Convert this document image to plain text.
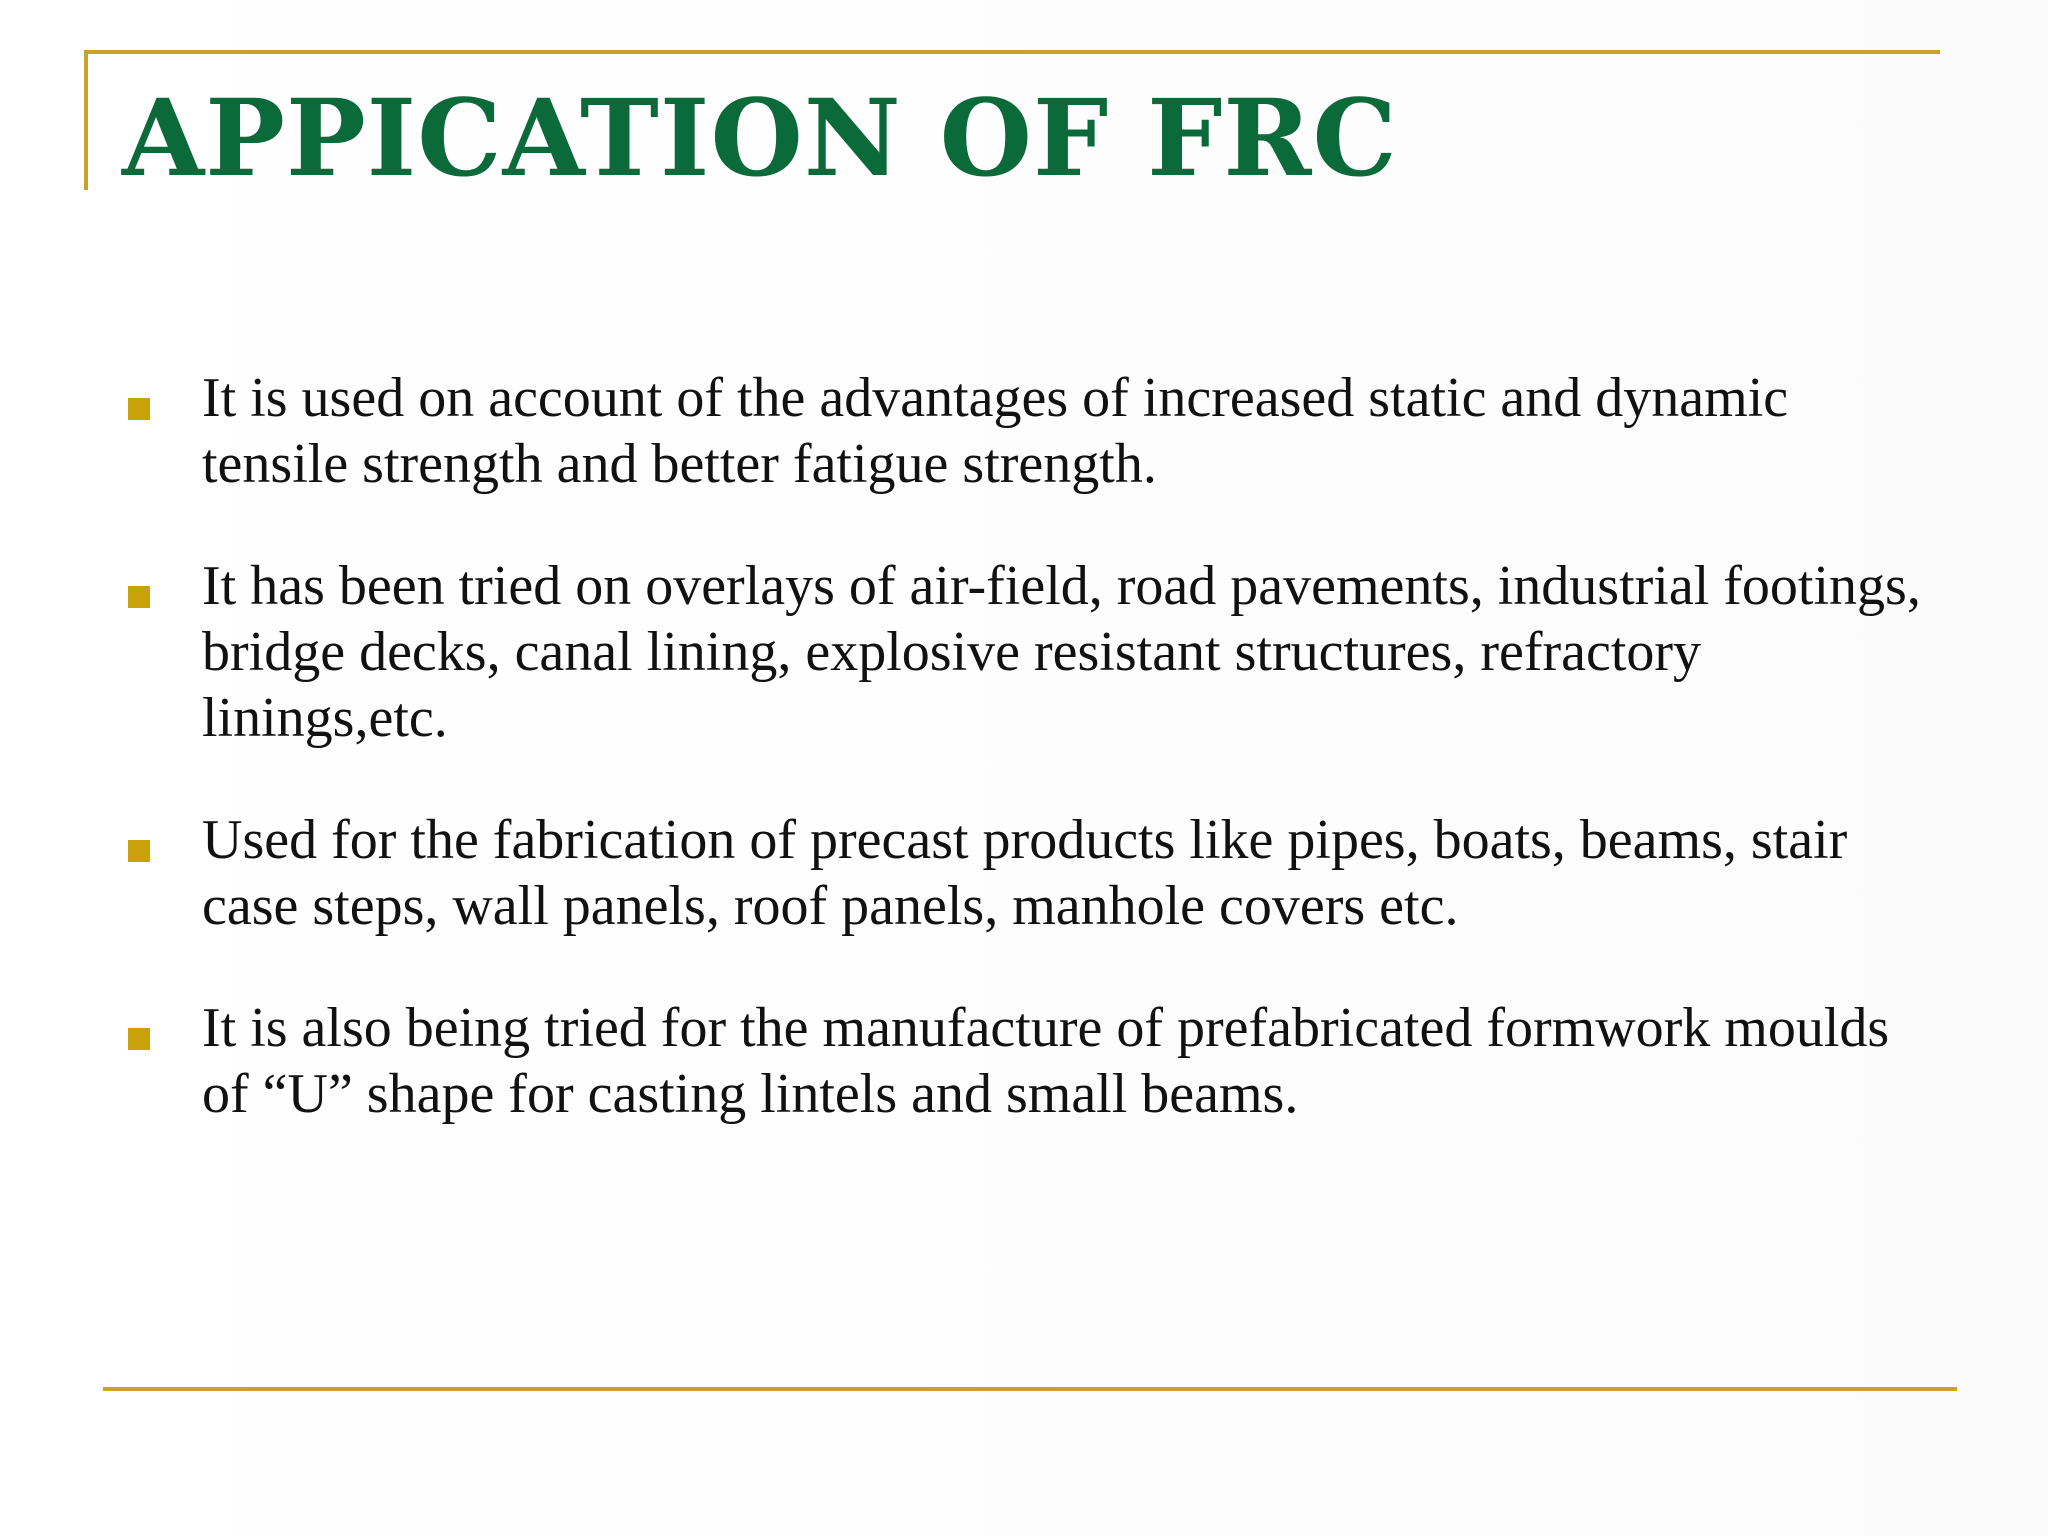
APPICATION OF FRC
It is used on account of the advantages of increased static and dynamic tensile strength and better fatigue strength.
It has been tried on overlays of air-field, road pavements, industrial footings, bridge decks, canal lining, explosive resistant structures, refractory linings,etc.
Used for the fabrication of precast products like pipes, boats, beams, stair case steps, wall panels, roof panels, manhole covers etc.
It is also being tried for the manufacture of prefabricated formwork moulds of “U” shape for casting lintels and small beams.
